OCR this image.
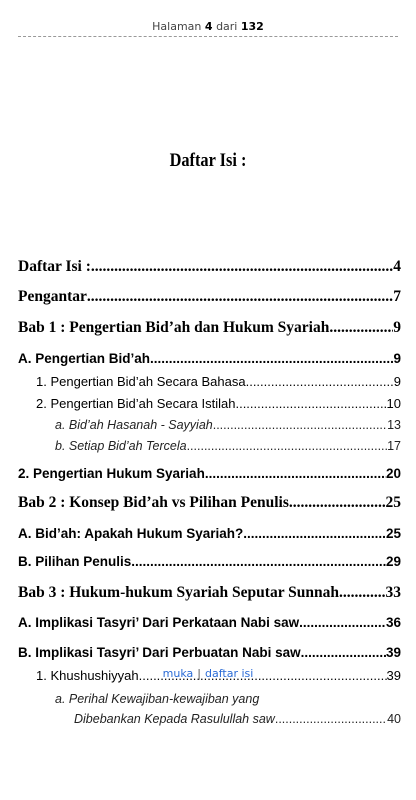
Halaman 4 dari 132
Daftar Isi :
Daftar Isi : .....	4
Pengantar .....	7
Bab 1 : Pengertian Bid’ah dan Hukum Syariah .....	9
A. Pengertian Bid’ah .....	9
1. Pengertian Bid’ah Secara Bahasa .....	9
2. Pengertian Bid’ah Secara Istilah .....	10
a. Bid’ah Hasanah - Sayyiah .....	13
b. Setiap Bid’ah Tercela .....	17
2. Pengertian Hukum Syariah .....	20
Bab 2 : Konsep Bid’ah vs Pilihan Penulis .....	25
A. Bid’ah: Apakah Hukum Syariah? .....	25
B. Pilihan Penulis .....	29
Bab 3 : Hukum-hukum Syariah Seputar Sunnah .....	33
A. Implikasi Tasyri’ Dari Perkataan Nabi saw .....	36
B. Implikasi Tasyri’ Dari Perbuatan Nabi saw .....	39
1. Khushushiyyah .....	39
a. Perihal Kewajiban-kewajiban yang
Dibebankan Kepada Rasulullah saw .....	40
muka | daftar isi
